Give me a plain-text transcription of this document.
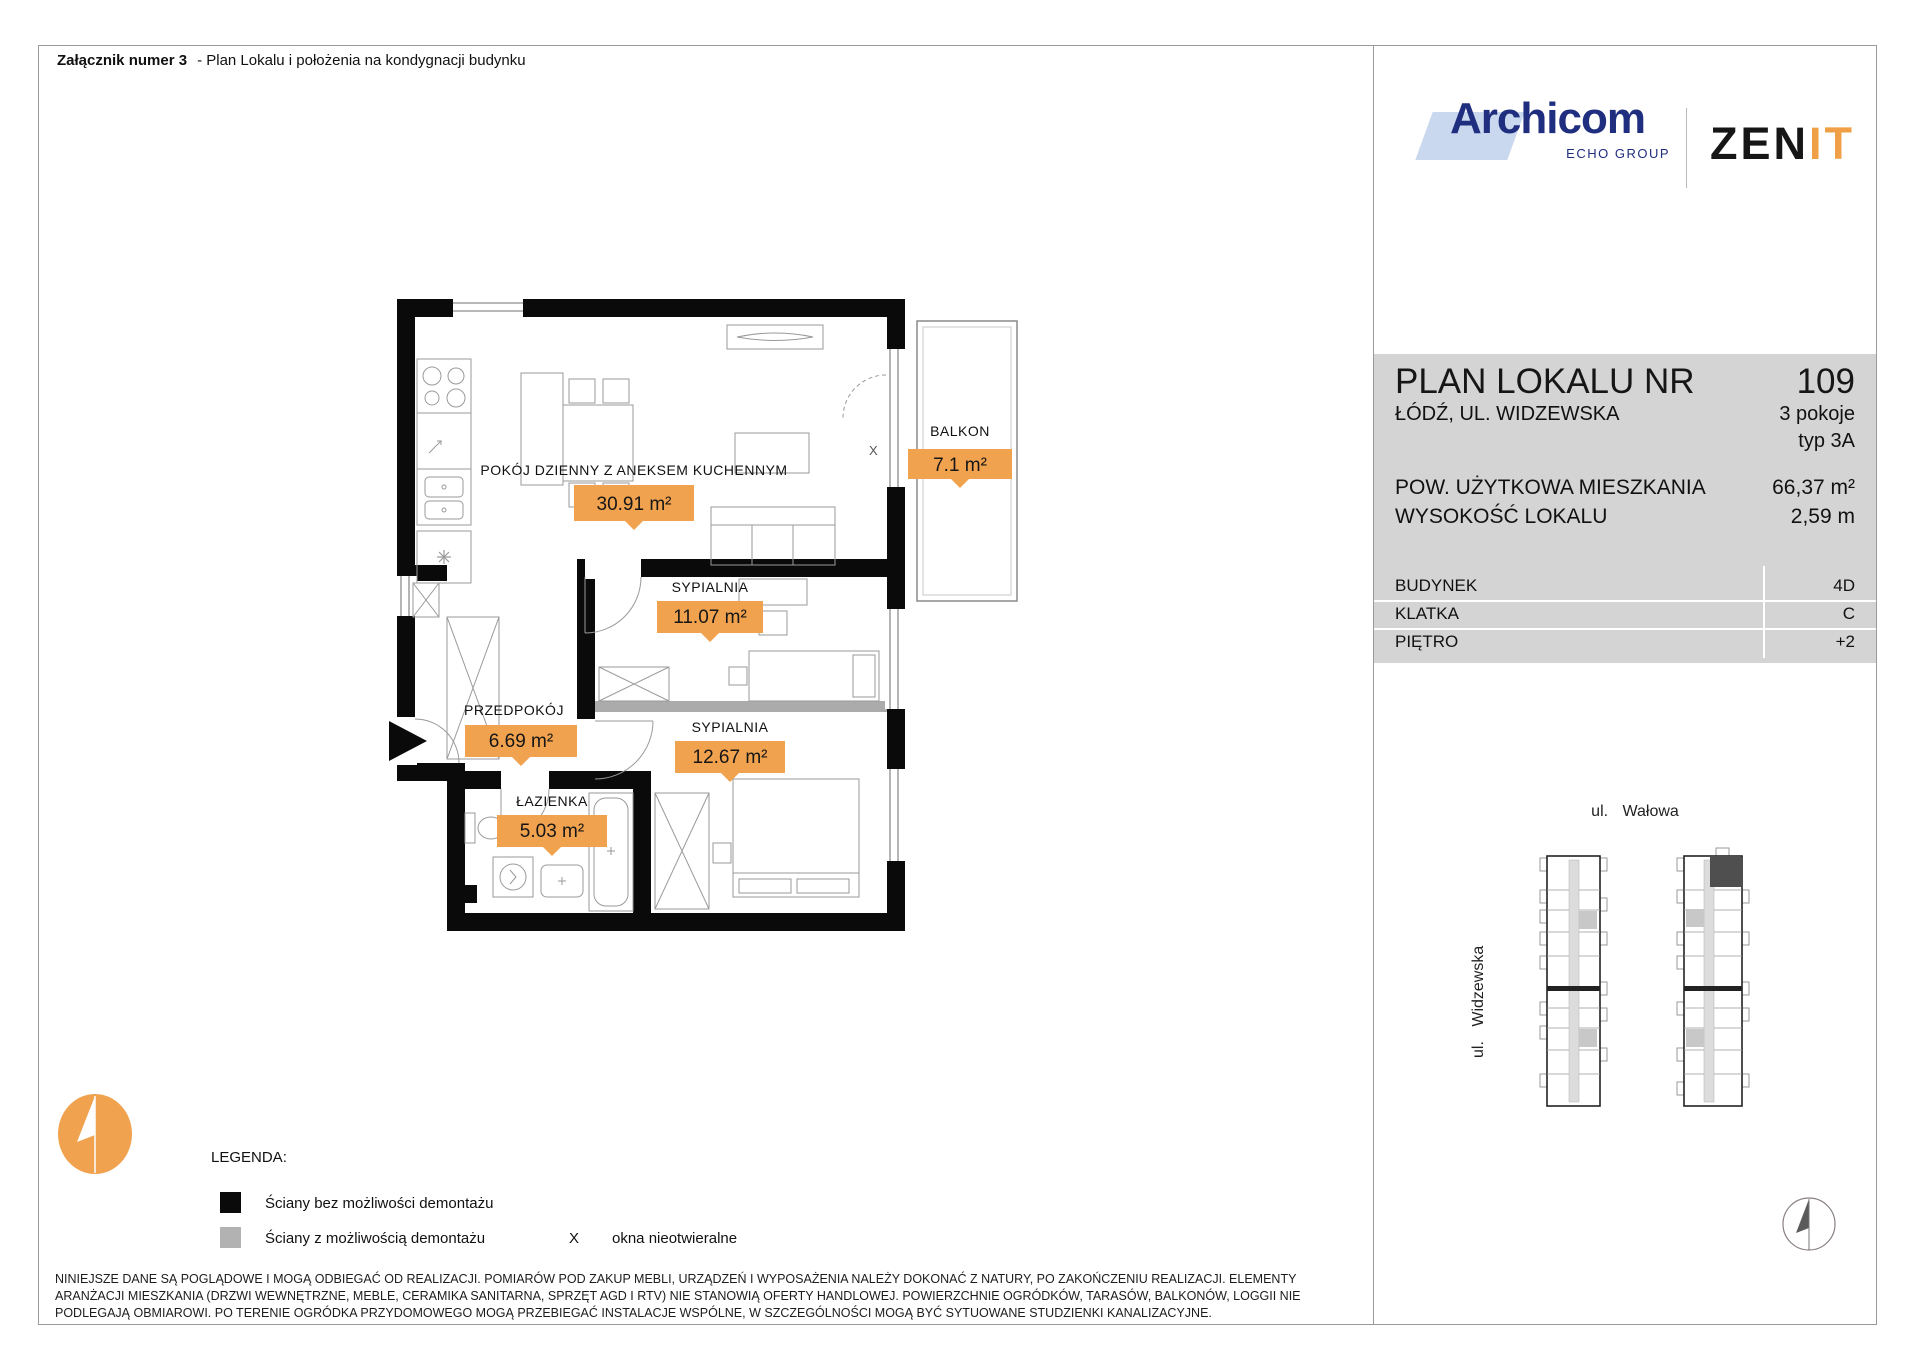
Załącznik numer 3 - Plan Lokalu i położenia na kondygnacji budynku
X
POKÓJ DZIENNY Z ANEKSEM KUCHENNYM
BALKON
SYPIALNIA
PRZEDPOKÓJ
SYPIALNIA
ŁAZIENKA
30.91 m²
7.1 m²
11.07 m²
6.69 m²
12.67 m²
5.03 m²
LEGENDA:
Ściany bez możliwości demontażu
Ściany z możliwością demontażu	X okna nieotwieralne
NINIEJSZE DANE SĄ POGLĄDOWE I MOGĄ ODBIEGAĆ OD REALIZACJI. POMIARÓW POD ZAKUP MEBLI, URZĄDZEŃ I WYPOSAŻENIA NALEŻY DOKONAĆ Z NATURY, PO ZAKOŃCZENIU REALIZACJI. ELEMENTY ARANŻACJI MIESZKANIA (DRZWI WEWNĘTRZNE, MEBLE, CERAMIKA SANITARNA, SPRZĘT AGD I RTV) NIE STANOWIĄ OFERTY HANDLOWEJ. POWIERZCHNIE OGRÓDKÓW, TARASÓW, BALKONÓW, LOGGII NIE PODLEGAJĄ OBMIAROWI. PO TERENIE OGRÓDKA PRZYDOMOWEGO MOGĄ PRZEBIEGAĆ INSTALACJE WSPÓLNE, W SZCZEGÓLNOŚCI MOGĄ BYĆ SYTUOWANE STUDZIENKI KANALIZACYJNE.
Archicom
ECHO GROUP ZENIT
PLAN LOKALU NR	109
ŁÓDŹ, UL. WIDZEWSKA	3 pokoje
typ 3A
POW. UŻYTKOWA MIESZKANIA	66,37 m²
WYSOKOŚĆ LOKALU	2,59 m
BUDYNEK	4D
KLATKA	C
PIĘTRO	+2
ul. Wałowa
ul. Widzewska
